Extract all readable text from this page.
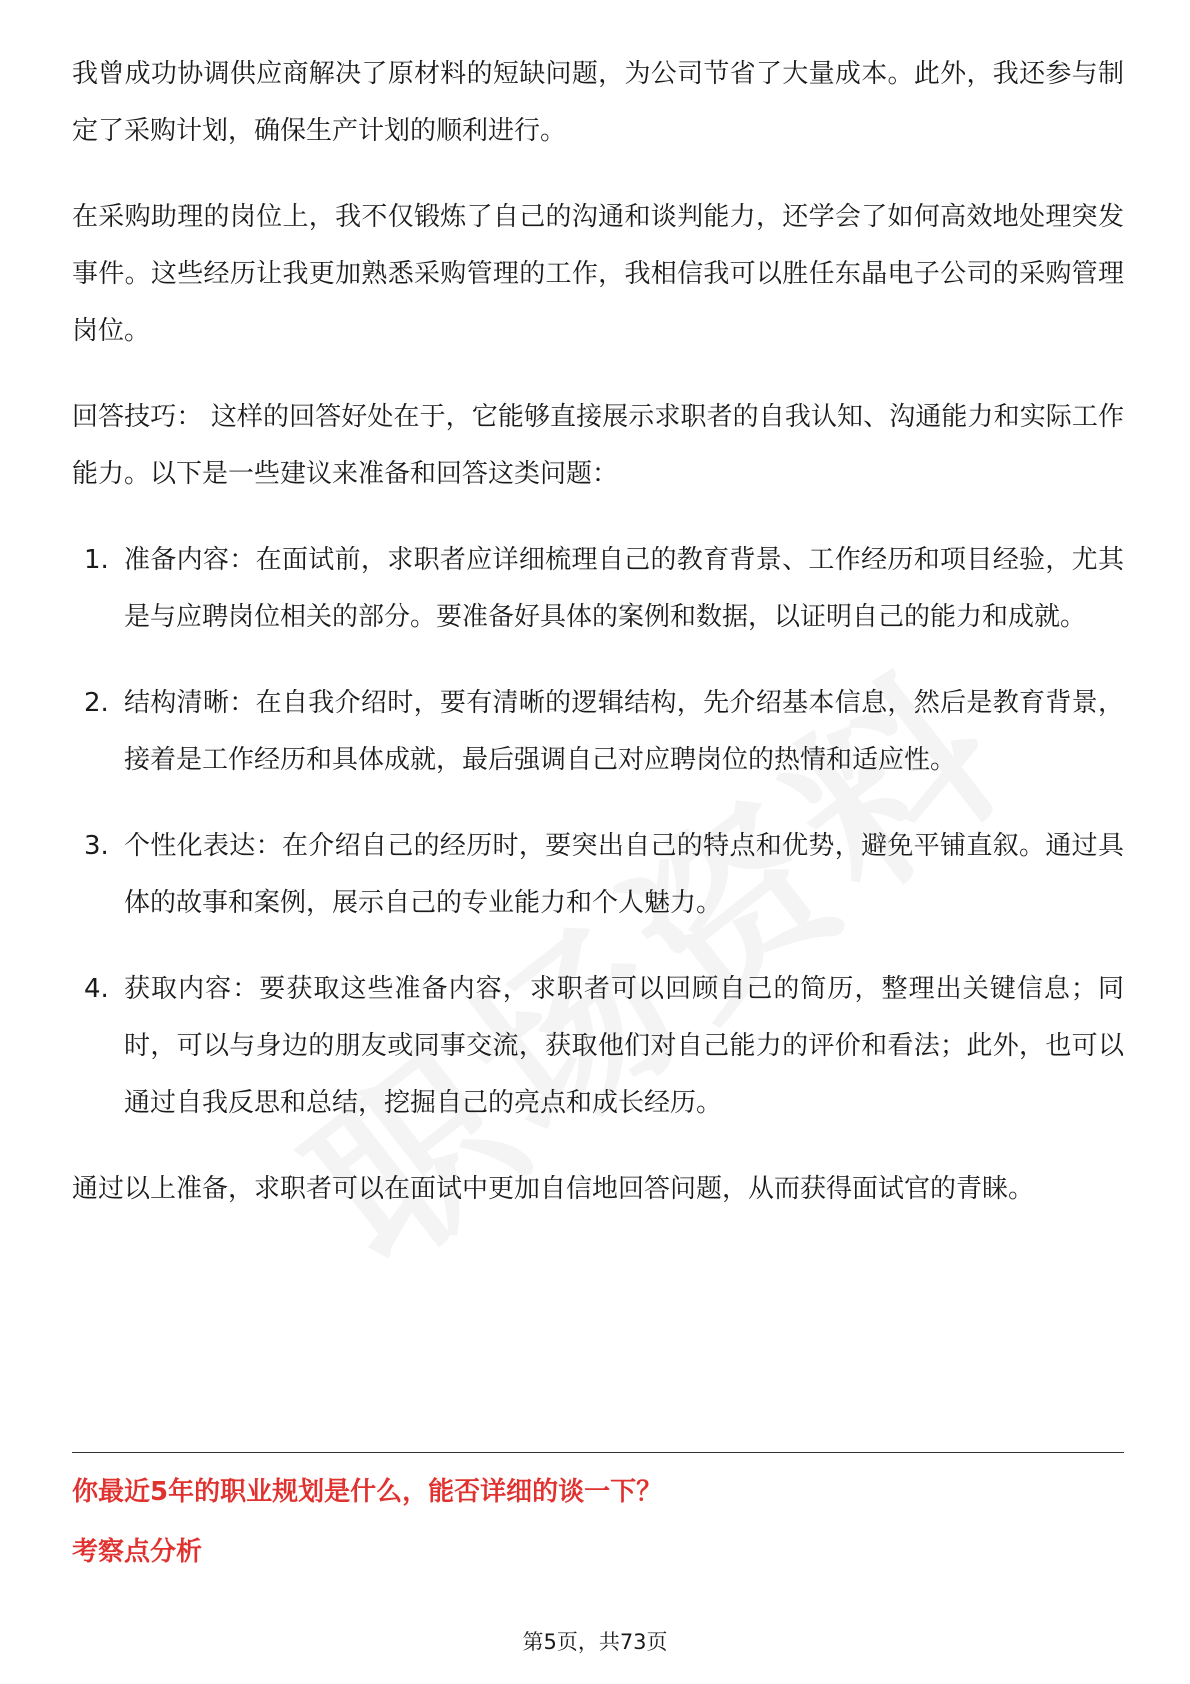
我曾成功协调供应商解决了原材料的短缺问题，为公司节省了大量成本。此外，我还参与制定了采购计划，确保生产计划的顺利进行。

在采购助理的岗位上，我不仅锻炼了自己的沟通和谈判能力，还学会了如何高效地处理突发事件。这些经历让我更加熟悉采购管理的工作，我相信我可以胜任东晶电子公司的采购管理岗位。

回答技巧： 这样的回答好处在于，它能够直接展示求职者的自我认知、沟通能力和实际工作能力。以下是一些建议来准备和回答这类问题：

1. 准备内容：在面试前，求职者应详细梳理自己的教育背景、工作经历和项目经验，尤其是与应聘岗位相关的部分。要准备好具体的案例和数据，以证明自己的能力和成就。
2. 结构清晰：在自我介绍时，要有清晰的逻辑结构，先介绍基本信息，然后是教育背景，接着是工作经历和具体成就，最后强调自己对应聘岗位的热情和适应性。
3. 个性化表达：在介绍自己的经历时，要突出自己的特点和优势，避免平铺直叙。通过具体的故事和案例，展示自己的专业能力和个人魅力。
4. 获取内容：要获取这些准备内容，求职者可以回顾自己的简历，整理出关键信息；同时，可以与身边的朋友或同事交流，获取他们对自己能力的评价和看法；此外，也可以通过自我反思和总结，挖掘自己的亮点和成长经历。

通过以上准备，求职者可以在面试中更加自信地回答问题，从而获得面试官的青睐。

你最近5年的职业规划是什么，能否详细的谈一下？
考察点分析
第5页，共73页
